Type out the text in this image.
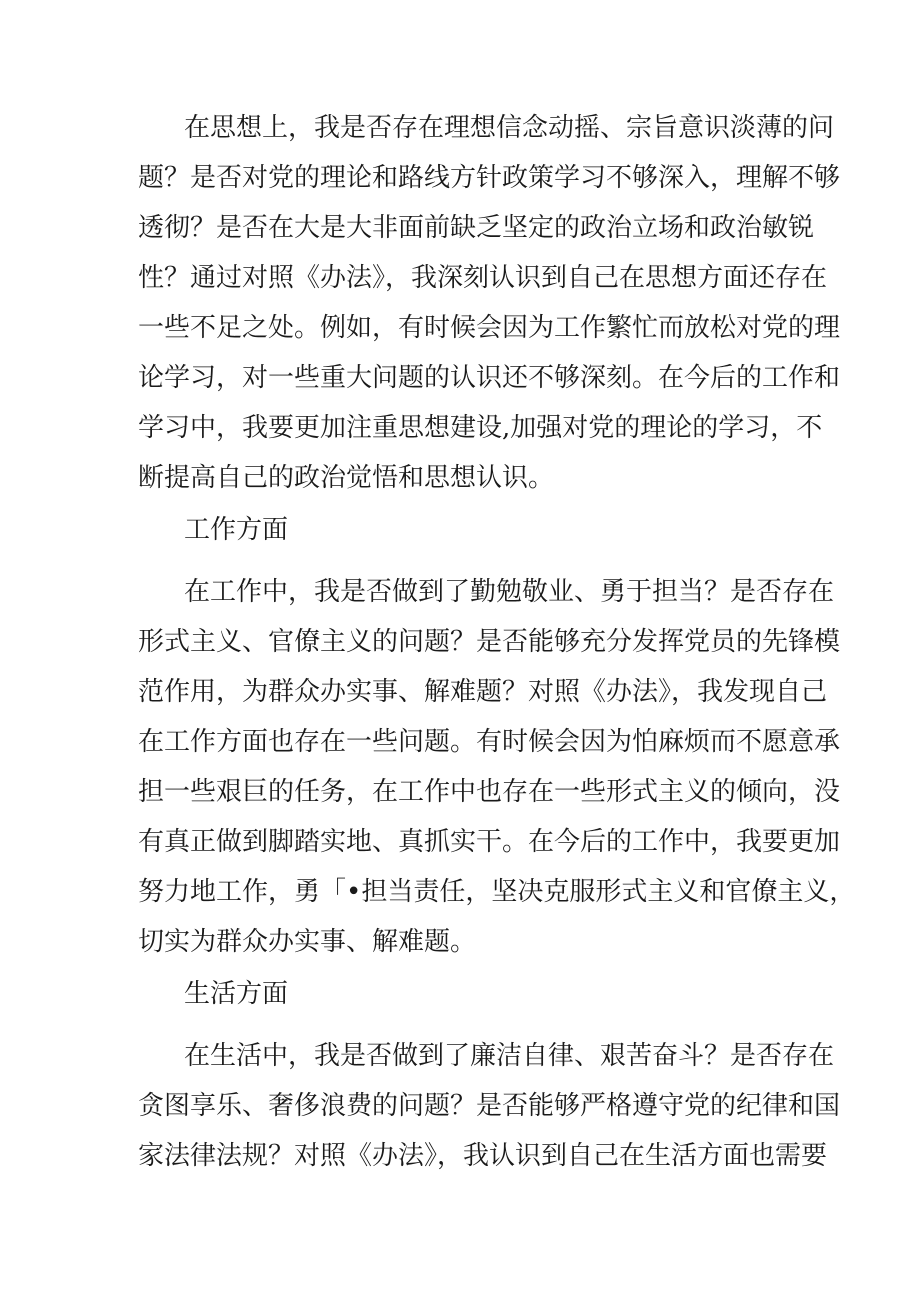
在思想上，我是否存在理想信念动摇、宗旨意识淡薄的问
题？是否对党的理论和路线方针政策学习不够深入，理解不够
透彻？是否在大是大非面前缺乏坚定的政治立场和政治敏锐
性？通过对照《办法》，我深刻认识到自己在思想方面还存在
一些不足之处。例如，有时候会因为工作繁忙而放松对党的理
论学习，对一些重大问题的认识还不够深刻。在今后的工作和
学习中，我要更加注重思想建设,加强对党的理论的学习，不
断提高自己的政治觉悟和思想认识。
工作方面
在工作中，我是否做到了勤勉敬业、勇于担当？是否存在
形式主义、官僚主义的问题？是否能够充分发挥党员的先锋模
范作用，为群众办实事、解难题？对照《办法》，我发现自己
在工作方面也存在一些问题。有时候会因为怕麻烦而不愿意承
担一些艰巨的任务，在工作中也存在一些形式主义的倾向，没
有真正做到脚踏实地、真抓实干。在今后的工作中，我要更加
努力地工作，勇「•担当责任，坚决克服形式主义和官僚主义，
切实为群众办实事、解难题。
生活方面
在生活中，我是否做到了廉洁自律、艰苦奋斗？是否存在
贪图享乐、奢侈浪费的问题？是否能够严格遵守党的纪律和国
家法律法规？对照《办法》，我认识到自己在生活方面也需要
